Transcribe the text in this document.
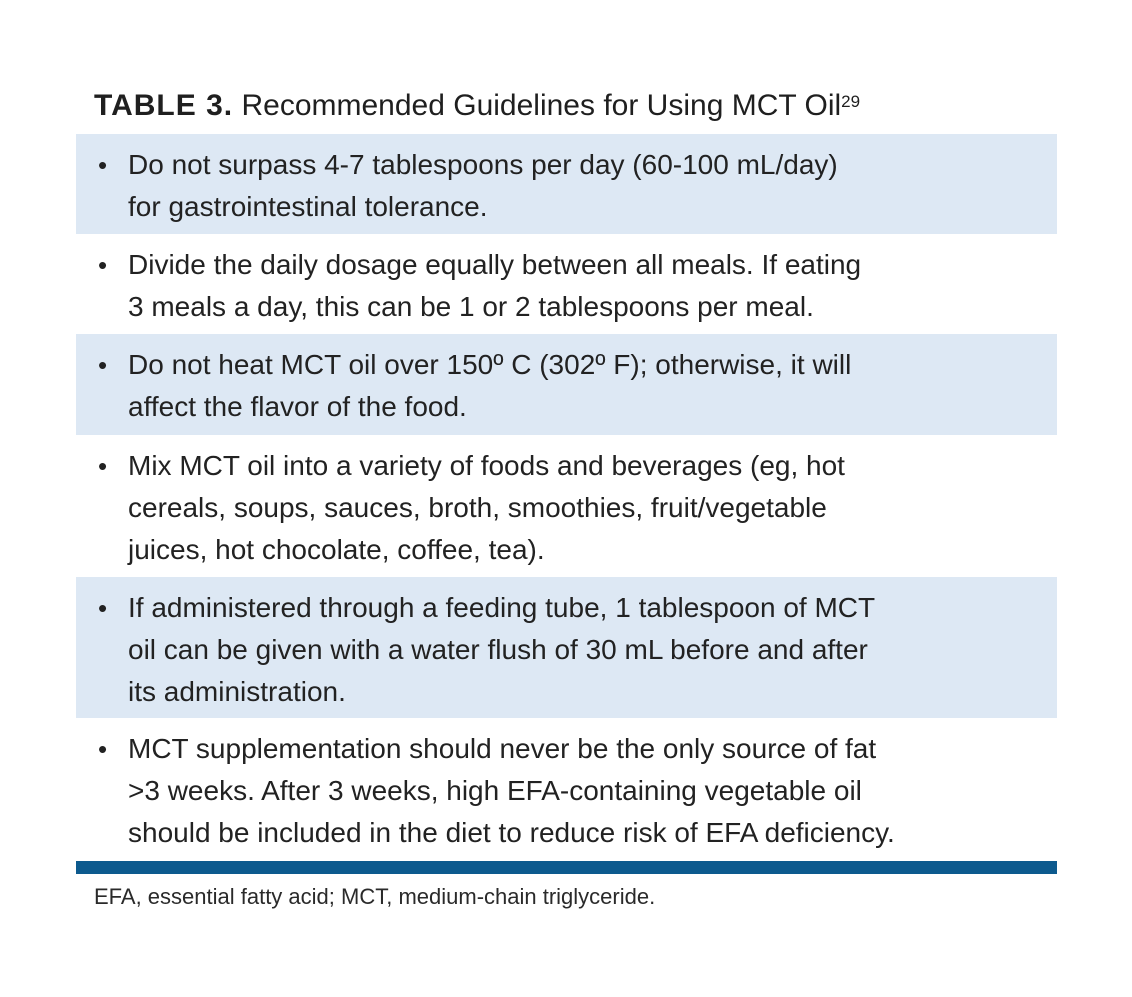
TABLE 3. Recommended Guidelines for Using MCT Oil$^{29}$
•
Do not surpass 4-7 tablespoons per day (60-100 mL/day)
for gastrointestinal tolerance.
•
Divide the daily dosage equally between all meals. If eating
3 meals a day, this can be 1 or 2 tablespoons per meal.
•
Do not heat MCT oil over 150º C (302º F); otherwise, it will
affect the flavor of the food.
•
Mix MCT oil into a variety of foods and beverages (eg, hot
cereals, soups, sauces, broth, smoothies, fruit/vegetable
juices, hot chocolate, coffee, tea).
•
If administered through a feeding tube, 1 tablespoon of MCT
oil can be given with a water flush of 30 mL before and after
its administration.
•
MCT supplementation should never be the only source of fat
>3 weeks. After 3 weeks, high EFA-containing vegetable oil
should be included in the diet to reduce risk of EFA deficiency.
EFA, essential fatty acid; MCT, medium-chain triglyceride.
